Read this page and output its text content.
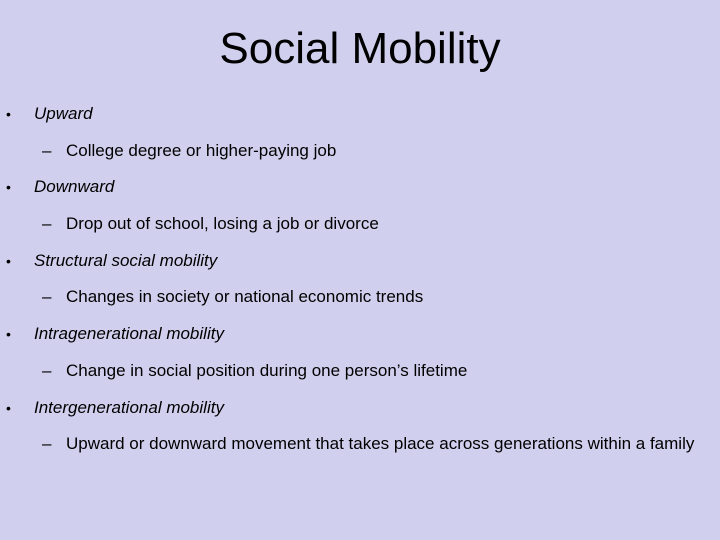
Social Mobility
•	Upward
– College degree or higher-paying job
•	Downward
– Drop out of school, losing a job or divorce
•	Structural social mobility
– Changes in society or national economic trends
•	Intragenerational mobility
– Change in social position during one person’s lifetime
•	Intergenerational mobility
– Upward or downward movement that takes place across generations within a family
